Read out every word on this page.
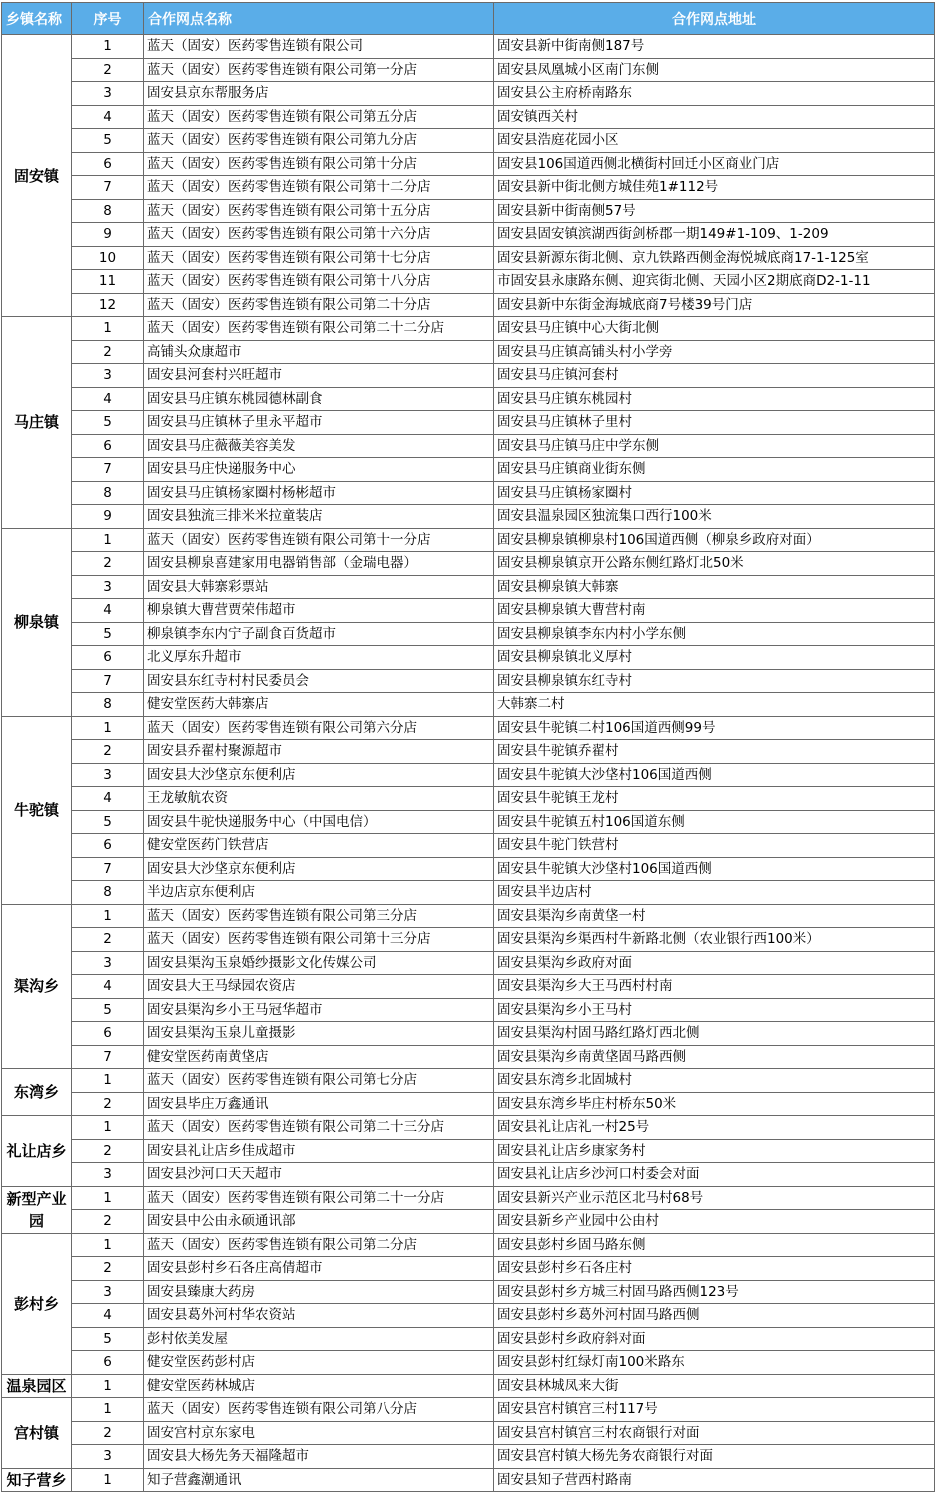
乡镇名称	序号	合作网点名称	合作网点地址
固安镇	1	蓝天（固安）医药零售连锁有限公司	固安县新中街南侧187号
	2	蓝天（固安）医药零售连锁有限公司第一分店	固安县凤凰城小区南门东侧
	3	固安县京东帮服务店	固安县公主府桥南路东
	4	蓝天（固安）医药零售连锁有限公司第五分店	固安镇西关村
	5	蓝天（固安）医药零售连锁有限公司第九分店	固安县浩庭花园小区
	6	蓝天（固安）医药零售连锁有限公司第十分店	固安县106国道西侧北横街村回迁小区商业门店
	7	蓝天（固安）医药零售连锁有限公司第十二分店	固安县新中街北侧方城佳苑1#112号
	8	蓝天（固安）医药零售连锁有限公司第十五分店	固安县新中街南侧57号
	9	蓝天（固安）医药零售连锁有限公司第十六分店	固安县固安镇滨湖西街剑桥郡一期149#1-109、1-209
	10	蓝天（固安）医药零售连锁有限公司第十七分店	固安县新源东街北侧、京九铁路西侧金海悦城底商17-1-125室
	11	蓝天（固安）医药零售连锁有限公司第十八分店	市固安县永康路东侧、迎宾街北侧、天园小区2期底商D2-1-11
	12	蓝天（固安）医药零售连锁有限公司第二十分店	固安县新中东街金海城底商7号楼39号门店
马庄镇	1	蓝天（固安）医药零售连锁有限公司第二十二分店	固安县马庄镇中心大街北侧
	2	高铺头众康超市	固安县马庄镇高铺头村小学旁
	3	固安县河套村兴旺超市	固安县马庄镇河套村
	4	固安县马庄镇东桃园德林副食	固安县马庄镇东桃园村
	5	固安县马庄镇林子里永平超市	固安县马庄镇林子里村
	6	固安县马庄薇薇美容美发	固安县马庄镇马庄中学东侧
	7	固安县马庄快递服务中心	固安县马庄镇商业街东侧
	8	固安县马庄镇杨家圈村杨彬超市	固安县马庄镇杨家圈村
	9	固安县独流三排米米拉童装店	固安县温泉园区独流集口西行100米
柳泉镇	1	蓝天（固安）医药零售连锁有限公司第十一分店	固安县柳泉镇柳泉村106国道西侧（柳泉乡政府对面）
	2	固安县柳泉喜建家用电器销售部（金瑞电器）	固安县柳泉镇京开公路东侧红路灯北50米
	3	固安县大韩寨彩票站	固安县柳泉镇大韩寨
	4	柳泉镇大曹营贾荣伟超市	固安县柳泉镇大曹营村南
	5	柳泉镇李东内宁子副食百货超市	固安县柳泉镇李东内村小学东侧
	6	北义厚东升超市	固安县柳泉镇北义厚村
	7	固安县东红寺村村民委员会	固安县柳泉镇东红寺村
	8	健安堂医药大韩寨店	大韩寨二村
牛驼镇	1	蓝天（固安）医药零售连锁有限公司第六分店	固安县牛驼镇二村106国道西侧99号
	2	固安县乔翟村聚源超市	固安县牛驼镇乔翟村
	3	固安县大沙垡京东便利店	固安县牛驼镇大沙垡村106国道西侧
	4	王龙敏航农资	固安县牛驼镇王龙村
	5	固安县牛驼快递服务中心（中国电信）	固安县牛驼镇五村106国道东侧
	6	健安堂医药门铁营店	固安县牛驼门铁营村
	7	固安县大沙垡京东便利店	固安县牛驼镇大沙垡村106国道西侧
	8	半边店京东便利店	固安县半边店村
渠沟乡	1	蓝天（固安）医药零售连锁有限公司第三分店	固安县渠沟乡南黄垡一村
	2	蓝天（固安）医药零售连锁有限公司第十三分店	固安县渠沟乡渠西村牛新路北侧（农业银行西100米）
	3	固安县渠沟玉泉婚纱摄影文化传媒公司	固安县渠沟乡政府对面
	4	固安县大王马绿园农资店	固安县渠沟乡大王马西村村南
	5	固安县渠沟乡小王马冠华超市	固安县渠沟乡小王马村
	6	固安县渠沟玉泉儿童摄影	固安县渠沟村固马路红路灯西北侧
	7	健安堂医药南黄垡店	固安县渠沟乡南黄垡固马路西侧
东湾乡	1	蓝天（固安）医药零售连锁有限公司第七分店	固安县东湾乡北固城村
	2	固安县毕庄万鑫通讯	固安县东湾乡毕庄村桥东50米
礼让店乡	1	蓝天（固安）医药零售连锁有限公司第二十三分店	固安县礼让店礼一村25号
	2	固安县礼让店乡佳成超市	固安县礼让店乡康家务村
	3	固安县沙河口天天超市	固安县礼让店乡沙河口村委会对面
新型产业园	1	蓝天（固安）医药零售连锁有限公司第二十一分店	固安县新兴产业示范区北马村68号
	2	固安县中公由永硕通讯部	固安县新乡产业园中公由村
彭村乡	1	蓝天（固安）医药零售连锁有限公司第二分店	固安县彭村乡固马路东侧
	2	固安县彭村乡石各庄高倩超市	固安县彭村乡石各庄村
	3	固安县臻康大药房	固安县彭村乡方城三村固马路西侧123号
	4	固安县葛外河村华农资站	固安县彭村乡葛外河村固马路西侧
	5	彭村依美发屋	固安县彭村乡政府斜对面
	6	健安堂医药彭村店	固安县彭村红绿灯南100米路东
温泉园区	1	健安堂医药林城店	固安县林城凤来大街
宫村镇	1	蓝天（固安）医药零售连锁有限公司第八分店	固安县宫村镇宫三村117号
	2	固安宫村京东家电	固安县宫村镇宫三村农商银行对面
	3	固安县大杨先务天福隆超市	固安县宫村镇大杨先务农商银行对面
知子营乡	1	知子营鑫潮通讯	固安县知子营西村路南
